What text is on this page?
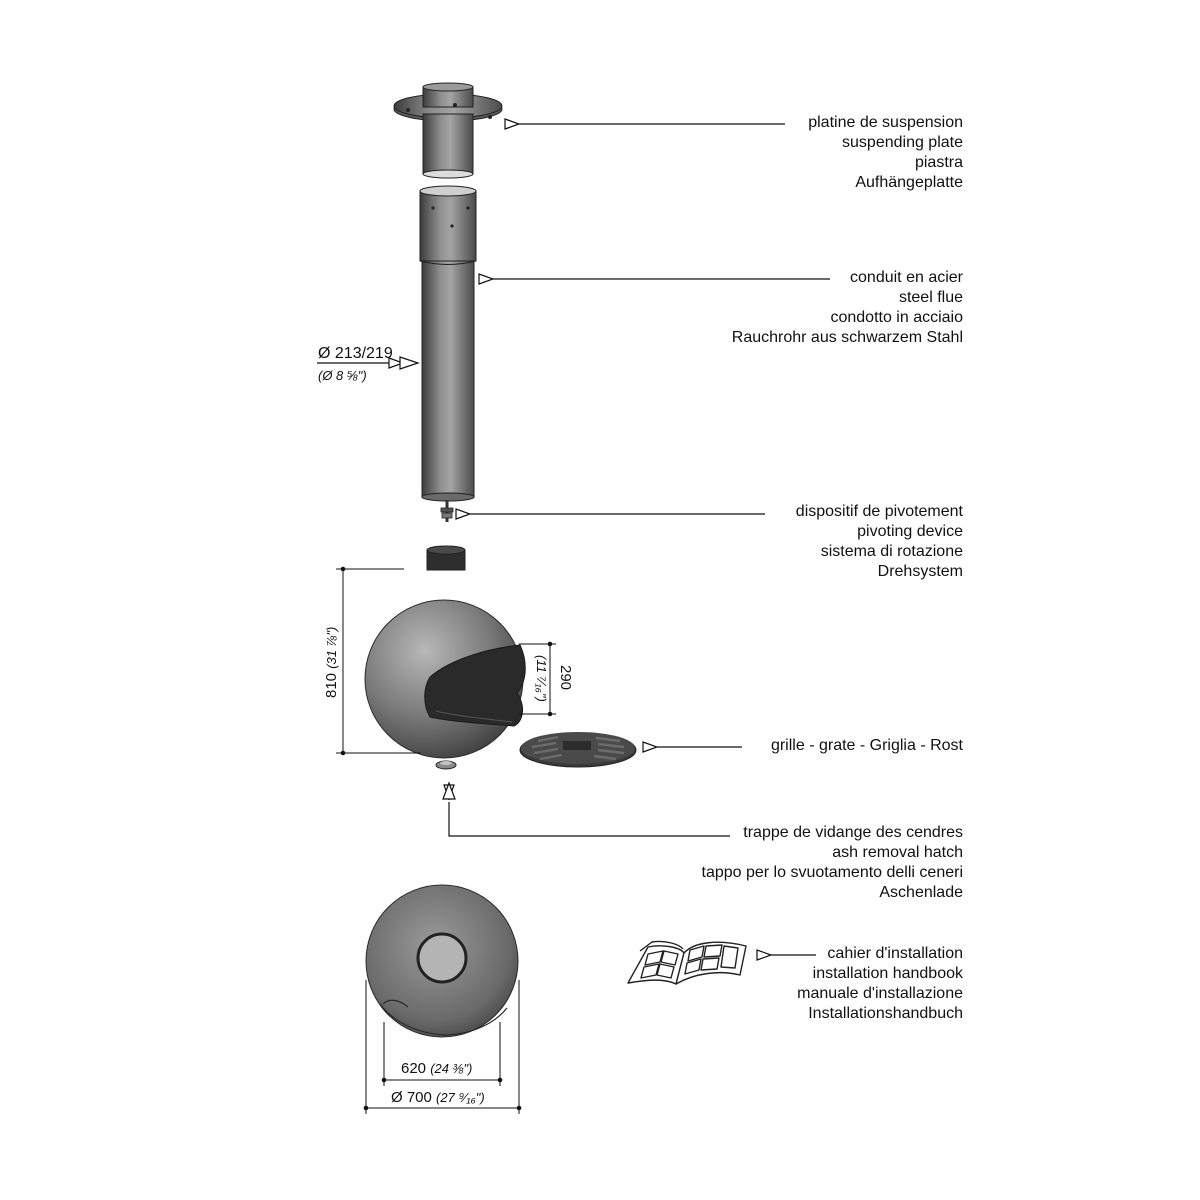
platine de suspension
suspending plate
piastra
Aufhängeplatte
conduit en acier
steel flue
condotto in acciaio
Rauchrohr aus schwarzem Stahl
dispositif de pivotement
pivoting device
sistema di rotazione
Drehsystem
grille - grate - Griglia - Rost
trappe de vidange des cendres
ash removal hatch
tappo per lo svuotamento delli ceneri
Aschenlade
cahier d'installation
installation handbook
manuale d'installazione
Installationshandbuch
Ø 213/219
(Ø 8 ⅝")
810 (31 ⅞")
290
(11 ⁷⁄₁₆")
620 (24 ⅜")
Ø 700 (27 ⁹⁄₁₆")
